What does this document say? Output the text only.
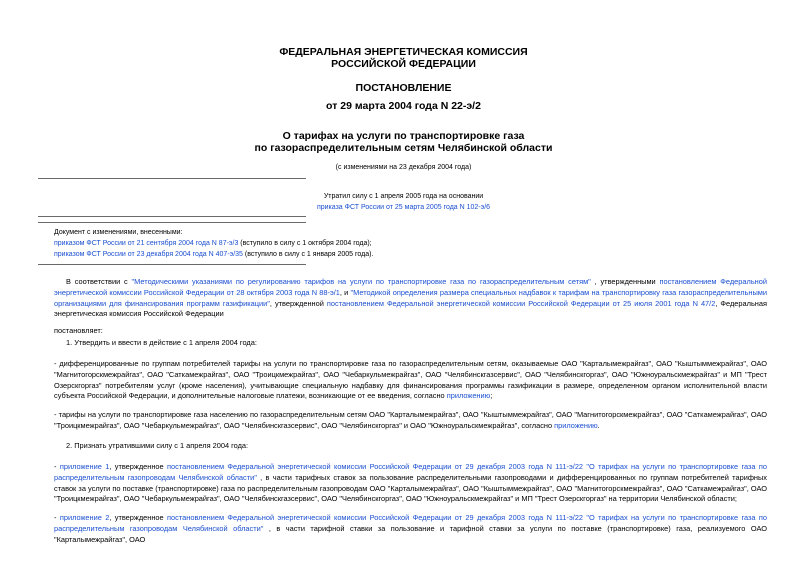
ФЕДЕРАЛЬНАЯ ЭНЕРГЕТИЧЕСКАЯ КОМИССИЯ
РОССИЙСКОЙ ФЕДЕРАЦИИ
ПОСТАНОВЛЕНИЕ
от 29 марта 2004 года N 22-э/2
О тарифах на услуги по транспортировке газа
по газораспределительным сетям Челябинской области
(с изменениями на 23 декабря 2004 года)
Утратил силу с 1 апреля 2005 года на основании
приказа ФСТ России от 25 марта 2005 года N 102-э/6
Документ с изменениями, внесенными:
приказом ФСТ России от 21 сентября 2004 года N 87-э/3 (вступило в силу с 1 октября 2004 года);
приказом ФСТ России от 23 декабря 2004 года N 407-э/35 (вступило в силу с 1 января 2005 года).
В соответствии с "Методическими указаниями по регулированию тарифов на услуги по транспортировке газа по газораспределительным сетям" , утвержденными постановлением Федеральной энергетической комиссии Российской Федерации от 28 октября 2003 года N 88-э/1, и "Методикой определения размера специальных надбавок к тарифам на транспортировку газа газораспределительными организациями для финансирования программ газификации", утвержденной постановлением Федеральной энергетической комиссии Российской Федерации от 25 июля 2001 года N 47/2, Федеральная энергетическая комиссия Российской Федерации
постановляет:
1. Утвердить и ввести в действие с 1 апреля 2004 года:
- дифференцированные по группам потребителей тарифы на услуги по транспортировке газа по газораспределительным сетям, оказываемые ОАО "Карталымежрайгаз", ОАО "Кыштыммежрайгаз", ОАО "Магнитогорскмежрайгаз", ОАО "Саткамежрайгаз", ОАО "Троицкмежрайгаз", ОАО "Чебаркульмежрайгаз", ОАО "Челябинскгазсервис", ОАО "Челябинскгоргаз", ОАО "Южноуральскмежрайгаз" и МП "Трест Озерскгоргаз" потребителям услуг (кроме населения), учитывающие специальную надбавку для финансирования программы газификации в размере, определенном органом исполнительной власти субъекта Российской Федерации, и дополнительные налоговые платежи, возникающие от ее введения, согласно приложению;
- тарифы на услуги по транспортировке газа населению по газораспределительным сетям ОАО "Карталымежрайгаз", ОАО "Кыштыммежрайгаз", ОАО "Магнитогорскмежрайгаз", ОАО "Саткамежрайгаз", ОАО "Троицкмежрайгаз", ОАО "Чебаркульмежрайгаз", ОАО "Челябинскгазсервис", ОАО "Челябинскгоргаз" и ОАО "Южноуральскмежрайгаз", согласно приложению.
2. Признать утратившими силу с 1 апреля 2004 года:
- приложение 1, утвержденное постановлением Федеральной энергетической комиссии Российской Федерации от 29 декабря 2003 года N 111-э/22 "О тарифах на услуги по транспортировке газа по распределительным газопроводам Челябинской области" , в части тарифных ставок за пользование распределительными газопроводами и дифференцированных по группам потребителей тарифных ставок за услуги по поставке (транспортировке) газа по распределительным газопроводам ОАО "Карталымежрайгаз", ОАО "Кыштыммежрайгаз", ОАО "Магнитогорскмежрайгаз", ОАО "Саткамежрайгаз", ОАО "Троицкмежрайгаз", ОАО "Чебаркульмежрайгаз", ОАО "Челябинскгазсервис", ОАО "Челябинскгоргаз", ОАО "Южноуральскмежрайгаз" и МП "Трест Озерскгоргаз" на территории Челябинской области;
- приложение 2, утвержденное постановлением Федеральной энергетической комиссии Российской Федерации от 29 декабря 2003 года N 111-э/22 "О тарифах на услуги по транспортировке газа по распределительным газопроводам Челябинской области" , в части тарифной ставки за пользование и тарифной ставки за услуги по поставке (транспортировке) газа, реализуемого ОАО "Карталымежрайгаз", ОАО
